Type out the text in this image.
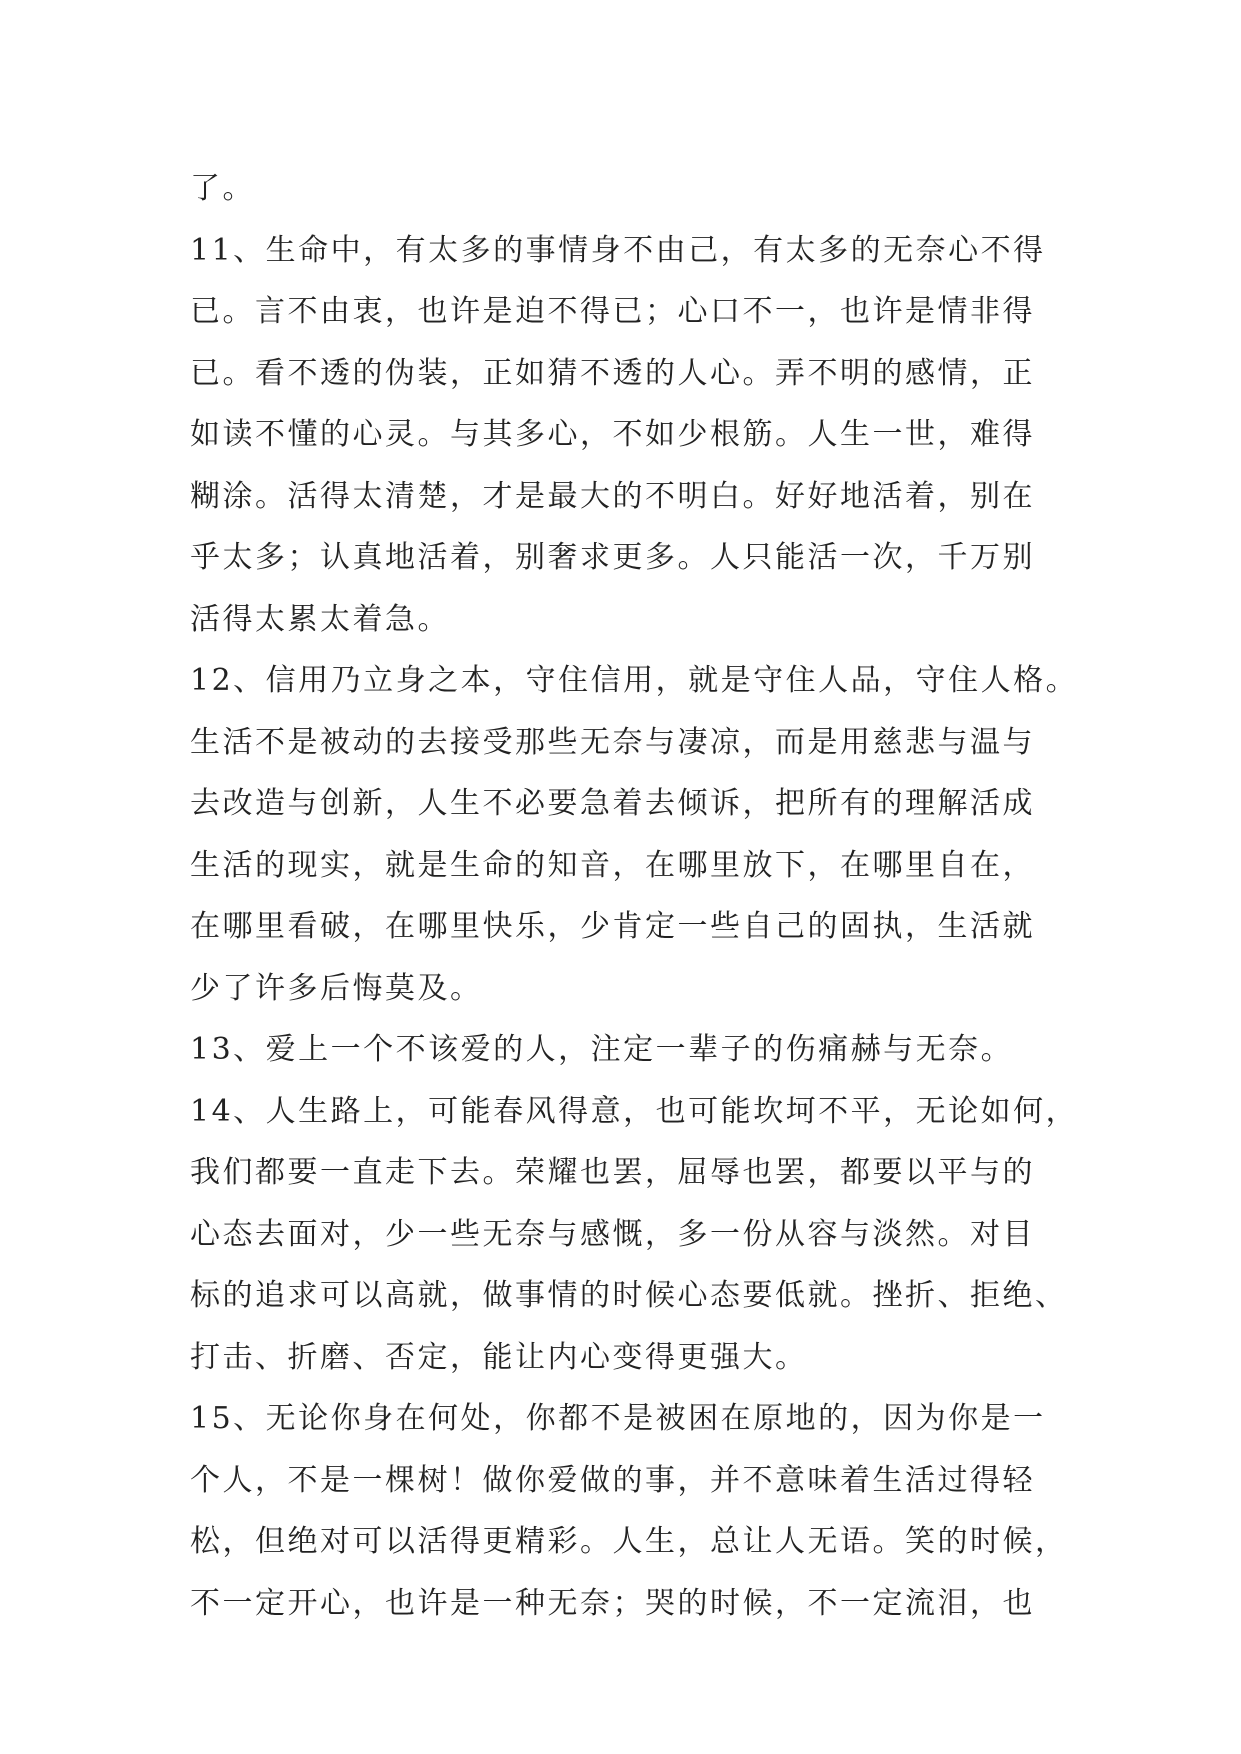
了。
11、生命中，有太多的事情身不由己，有太多的无奈心不得
已。言不由衷，也许是迫不得已；心口不一，也许是情非得
已。看不透的伪装，正如猜不透的人心。弄不明的感情，正
如读不懂的心灵。与其多心，不如少根筋。人生一世，难得
糊涂。活得太清楚，才是最大的不明白。好好地活着，别在
乎太多；认真地活着，别奢求更多。人只能活一次，千万别
活得太累太着急。
12、信用乃立身之本，守住信用，就是守住人品，守住人格。
生活不是被动的去接受那些无奈与凄凉，而是用慈悲与温与
去改造与创新，人生不必要急着去倾诉，把所有的理解活成
生活的现实，就是生命的知音，在哪里放下，在哪里自在，
在哪里看破，在哪里快乐，少肯定一些自己的固执，生活就
少了许多后悔莫及。
13、爱上一个不该爱的人，注定一辈子的伤痛赫与无奈。
14、人生路上，可能春风得意，也可能坎坷不平，无论如何，
我们都要一直走下去。荣耀也罢，屈辱也罢，都要以平与的
心态去面对，少一些无奈与感慨，多一份从容与淡然。对目
标的追求可以高就，做事情的时候心态要低就。挫折、拒绝、
打击、折磨、否定，能让内心变得更强大。
15、无论你身在何处，你都不是被困在原地的，因为你是一
个人，不是一棵树！做你爱做的事，并不意味着生活过得轻
松，但绝对可以活得更精彩。人生，总让人无语。笑的时候，
不一定开心，也许是一种无奈；哭的时候，不一定流泪，也
